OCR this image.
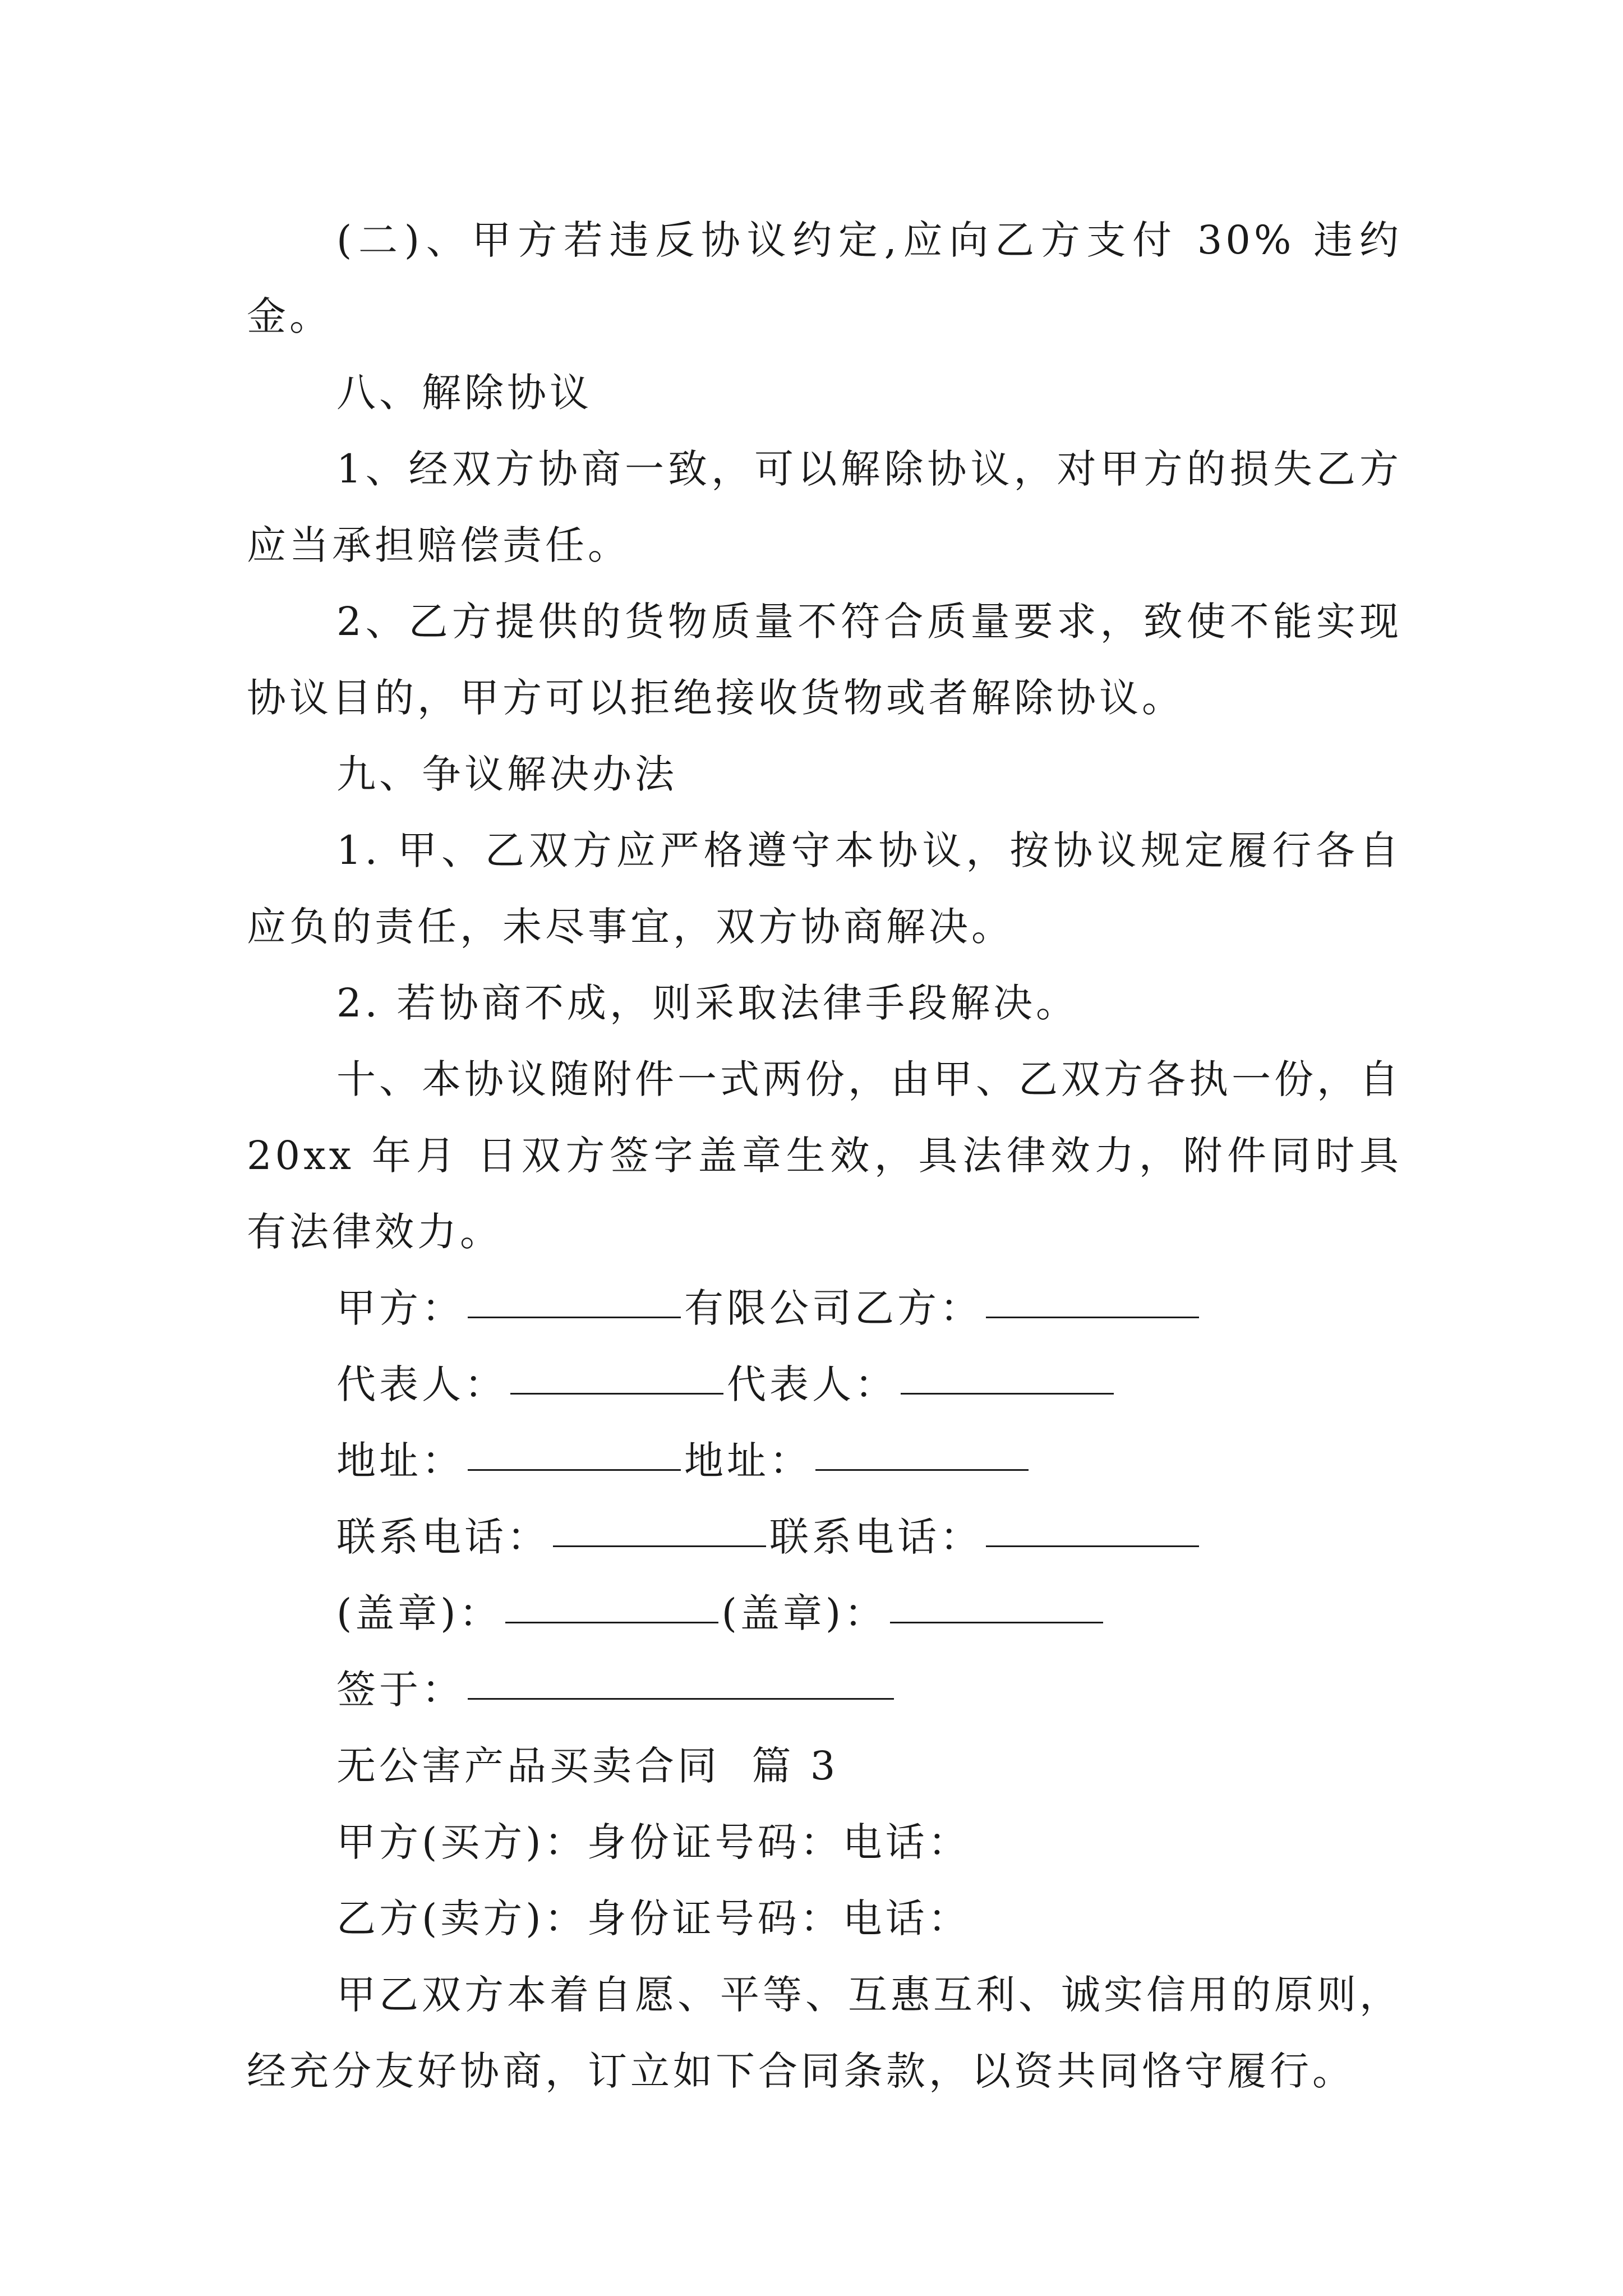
(二)、甲方若违反协议约定,应向乙方支付 30% 违约金。

八、解除协议

1、经双方协商一致，可以解除协议，对甲方的损失乙方应当承担赔偿责任。

2、乙方提供的货物质量不符合质量要求，致使不能实现协议目的，甲方可以拒绝接收货物或者解除协议。

九、争议解决办法

1. 甲、乙双方应严格遵守本协议，按协议规定履行各自应负的责任，未尽事宜，双方协商解决。

2. 若协商不成，则采取法律手段解决。

十、本协议随附件一式两份，由甲、乙双方各执一份，自 20xx 年月 日双方签字盖章生效，具法律效力，附件同时具有法律效力。

甲方：	有限公司乙方：

代表人：	代表人：

地址：	地址：

联系电话：	联系电话：

(盖章)：	(盖章)：

签于：

无公害产品买卖合同  篇 3

甲方(买方)：身份证号码：电话：

乙方(卖方)：身份证号码：电话：

甲乙双方本着自愿、平等、互惠互利、诚实信用的原则，经充分友好协商，订立如下合同条款，以资共同恪守履行。
